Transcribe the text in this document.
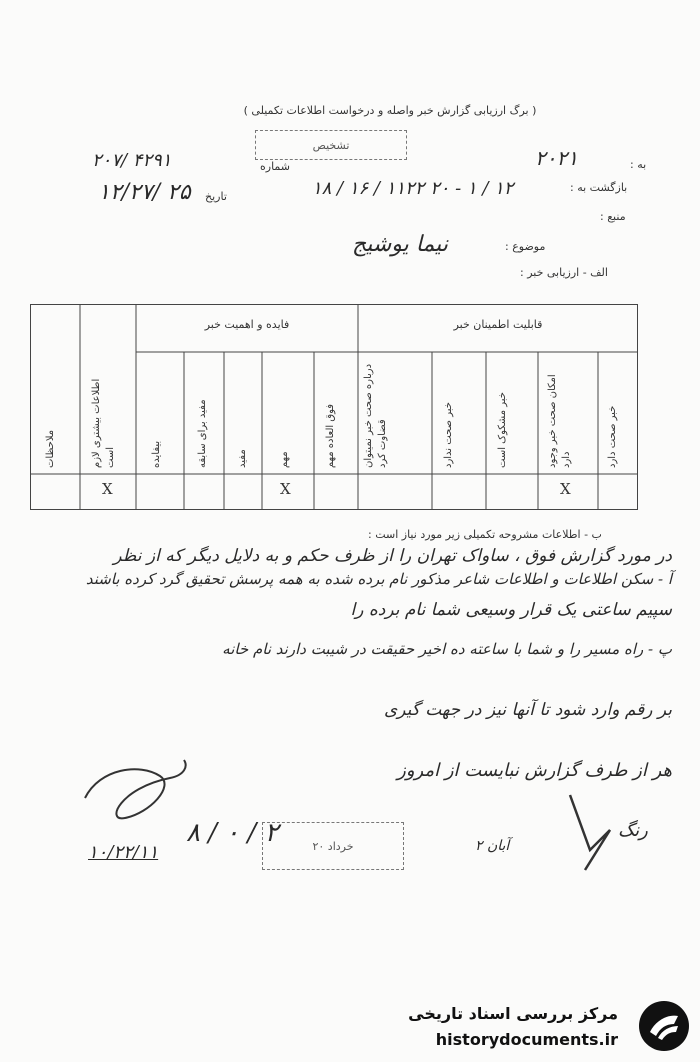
( برگ ارزیابی گزارش خبر واصله و درخواست اطلاعات تکمیلی )
تشخیص
شماره
۲۰۷/ ۴۲۹۱
تاریخ
۱۲/۲۷/ ۲۵
به :
۲۰۲۱
بازگشت به :
۱۸ / ۱۶ / ۱۱۲۲ ۲۰ - ۱ / ۱۲
منبع :
موضوع :
نیما یوشیج
الف - ارزیابی خبر :
قابلیت اطمینان خبر
فایده و اهمیت خبر
خبر صحت دارد
امکان صحت خبر وجود دارد
خبر مشکوک است
خبر صحت ندارد
درباره صحت خبر نمیتوان قضاوت کرد
فوق العاده مهم
مهم
مفید
مفید برای سابقه
بیفایده
اطلاعات بیشتری لازم است
ملاحظات
X
X
X
ب - اطلاعات مشروحه تکمیلی زیر مورد نیاز است :
در مورد گزارش فوق ، ساواک تهران را از ظرف حکم و به دلایل دیگر که از نظر
آ - سکن اطلاعات و اطلاعات شاعر مذکور نام برده شده به همه پرسش تحقیق گرد کرده باشند
سپیم ساعتی یک قرار وسیعی شما نام برده را
پ - راه مسیر را و شما با ساعته ده اخیر حقیقت در شیبت دارند نام خانه
بر رقم وارد شود تا آنها نیز در جهت گیری
هر از طرف گزارش نبایست از امروز
۱۰/۲۲/۱۱
۸ / ۰ / ۲	۲۰ خرداد
رنگ
آبان ۲
مرکز بررسی اسناد تاریخی
historydocuments.ir
